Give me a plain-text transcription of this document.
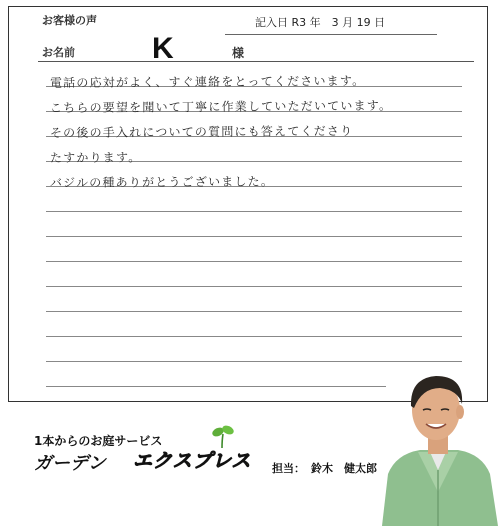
お客様の声	記入日 R3 年　3 月 19 日
お名前	K	様
電話の応対がよく、すぐ連絡をとってくださいます。
こちらの要望を聞いて丁寧に作業していただいています。
その後の手入れについての質問にも答えてくださり
たすかります。
バジルの種ありがとうございました。
1本からのお庭サービス
ガーデン エクスプレス 担当： 鈴木　健太郎
